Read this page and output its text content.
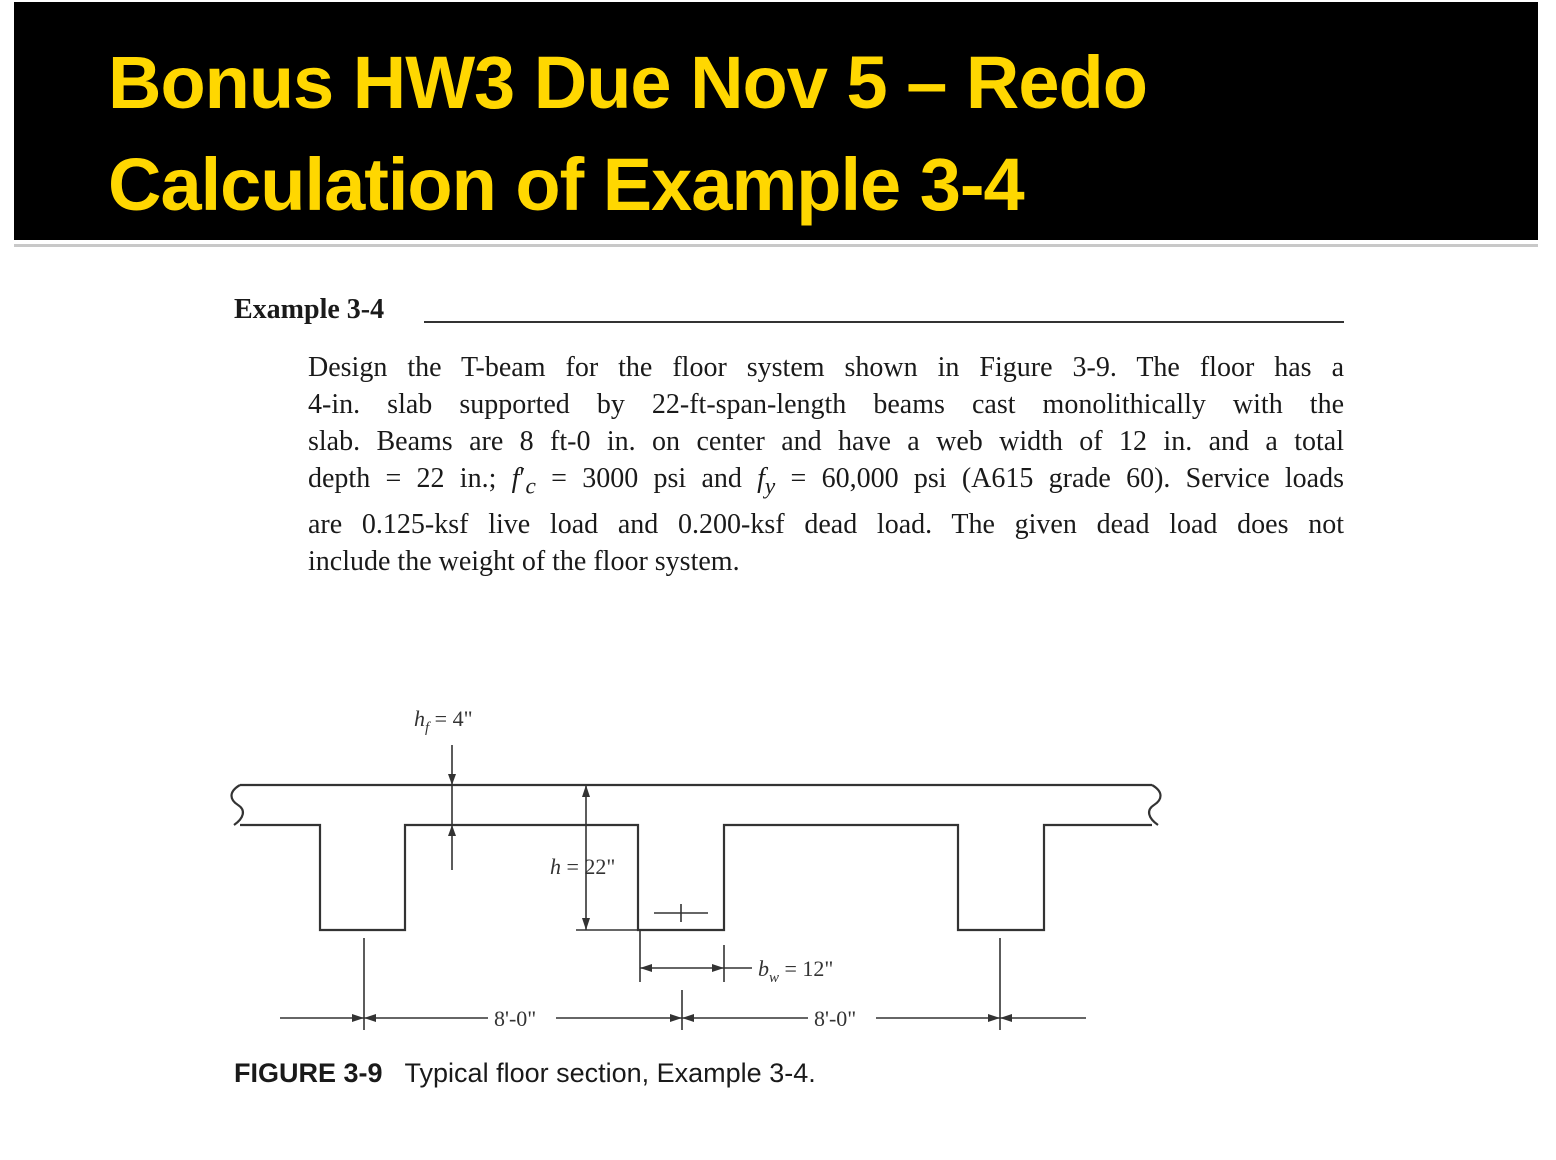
Bonus HW3 Due Nov 5 – Redo
Calculation of Example 3-4
Example 3-4
Design the T-beam for the floor system shown in Figure 3-9. The floor has a
4-in. slab supported by 22-ft-span-length beams cast monolithically with the
slab. Beams are 8 ft-0 in. on center and have a web width of 12 in. and a total
depth = 22 in.; $f'_c = 3000$ psi and $f_y = 60,000$ psi (A615 grade 60). Service loads
are 0.125-ksf live load and 0.200-ksf dead load. The given dead load does not
include the weight of the floor system.
$h_f = 4$"
h = 22"
$b_w = 12$"
8'-0"	8'-0"
FIGURE 3-9 Typical floor section, Example 3-4.
